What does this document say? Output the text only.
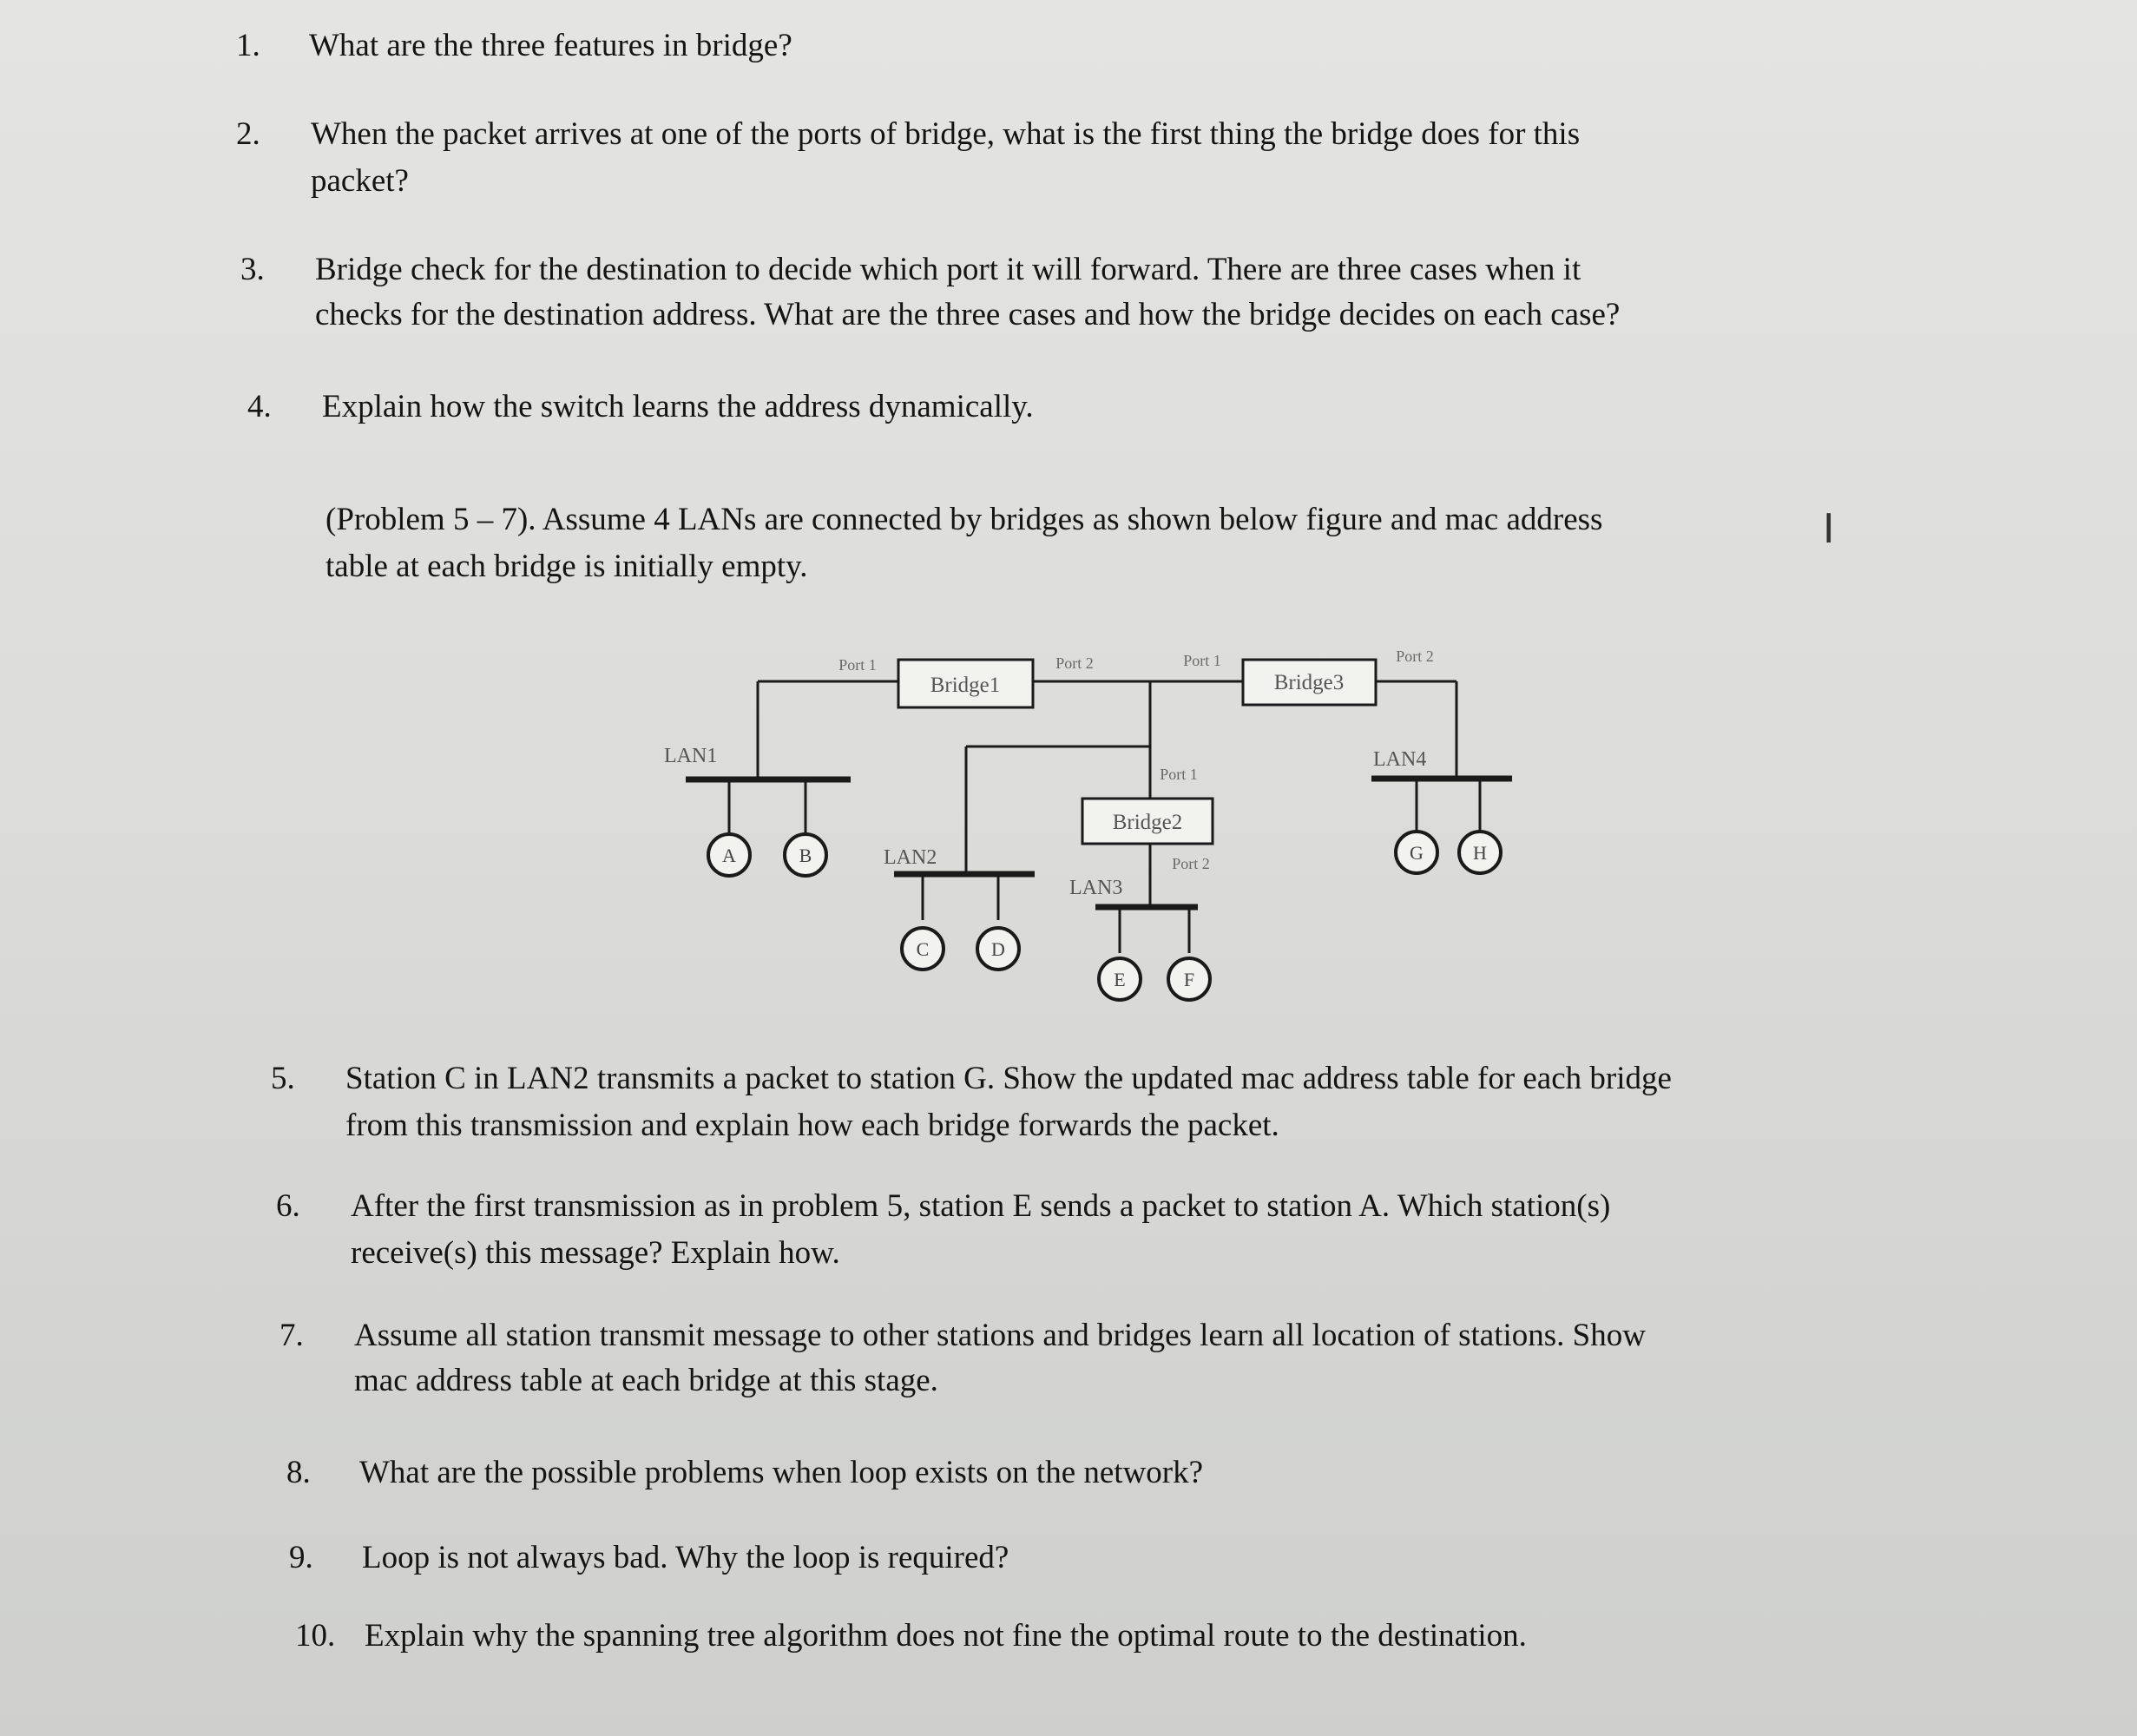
1. What are the three features in bridge?
2. When the packet arrives at one of the ports of bridge, what is the first thing the bridge does for this
packet?
3. Bridge check for the destination to decide which port it will forward. There are three cases when it
checks for the destination address. What are the three cases and how the bridge decides on each case?
4. Explain how the switch learns the address dynamically.
(Problem 5 – 7). Assume 4 LANs are connected by bridges as shown below figure and mac address
table at each bridge is initially empty.
I
A	B
C	D
E	F
G	H
Bridge1
Bridge2
Bridge3
Port 1	Port 2	Port 1	Port 2
Port 1
Port 2
LAN1
LAN2
LAN3
LAN4
5. Station C in LAN2 transmits a packet to station G. Show the updated mac address table for each bridge
from this transmission and explain how each bridge forwards the packet.
6. After the first transmission as in problem 5, station E sends a packet to station A. Which station(s)
receive(s) this message? Explain how.
7. Assume all station transmit message to other stations and bridges learn all location of stations. Show
mac address table at each bridge at this stage.
8. What are the possible problems when loop exists on the network?
9. Loop is not always bad. Why the loop is required?
10. Explain why the spanning tree algorithm does not fine the optimal route to the destination.
